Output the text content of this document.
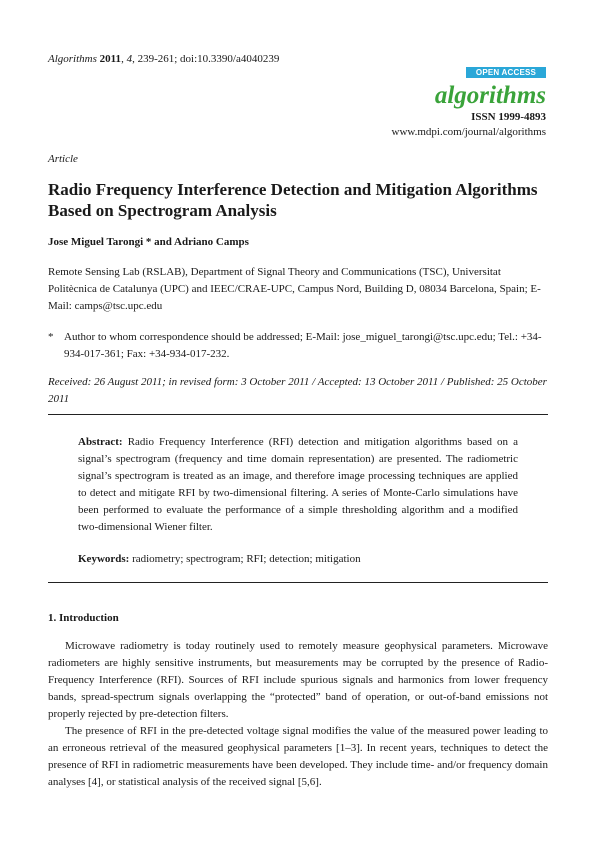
Algorithms 2011, 4, 239-261; doi:10.3390/a4040239
OPEN ACCESS
algorithms
ISSN 1999-4893
www.mdpi.com/journal/algorithms
Article
Radio Frequency Interference Detection and Mitigation Algorithms Based on Spectrogram Analysis
Jose Miguel Tarongi * and Adriano Camps
Remote Sensing Lab (RSLAB), Department of Signal Theory and Communications (TSC), Universitat Politècnica de Catalunya (UPC) and IEEC/CRAE-UPC, Campus Nord, Building D, 08034 Barcelona, Spain; E-Mail: camps@tsc.upc.edu
* Author to whom correspondence should be addressed; E-Mail: jose_miguel_tarongi@tsc.upc.edu; Tel.: +34-934-017-361; Fax: +34-934-017-232.
Received: 26 August 2011; in revised form: 3 October 2011 / Accepted: 13 October 2011 / Published: 25 October 2011
Abstract: Radio Frequency Interference (RFI) detection and mitigation algorithms based on a signal’s spectrogram (frequency and time domain representation) are presented. The radiometric signal’s spectrogram is treated as an image, and therefore image processing techniques are applied to detect and mitigate RFI by two-dimensional filtering. A series of Monte-Carlo simulations have been performed to evaluate the performance of a simple thresholding algorithm and a modified two-dimensional Wiener filter.
Keywords: radiometry; spectrogram; RFI; detection; mitigation
1. Introduction

Microwave radiometry is today routinely used to remotely measure geophysical parameters. Microwave radiometers are highly sensitive instruments, but measurements may be corrupted by the presence of Radio-Frequency Interference (RFI). Sources of RFI include spurious signals and harmonics from lower frequency bands, spread-spectrum signals overlapping the “protected” band of operation, or out-of-band emissions not properly rejected by pre-detection filters.

The presence of RFI in the pre-detected voltage signal modifies the value of the measured power leading to an erroneous retrieval of the measured geophysical parameters [1–3]. In recent years, techniques to detect the presence of RFI in radiometric measurements have been developed. They include time- and/or frequency domain analyses [4], or statistical analysis of the received signal [5,6].
